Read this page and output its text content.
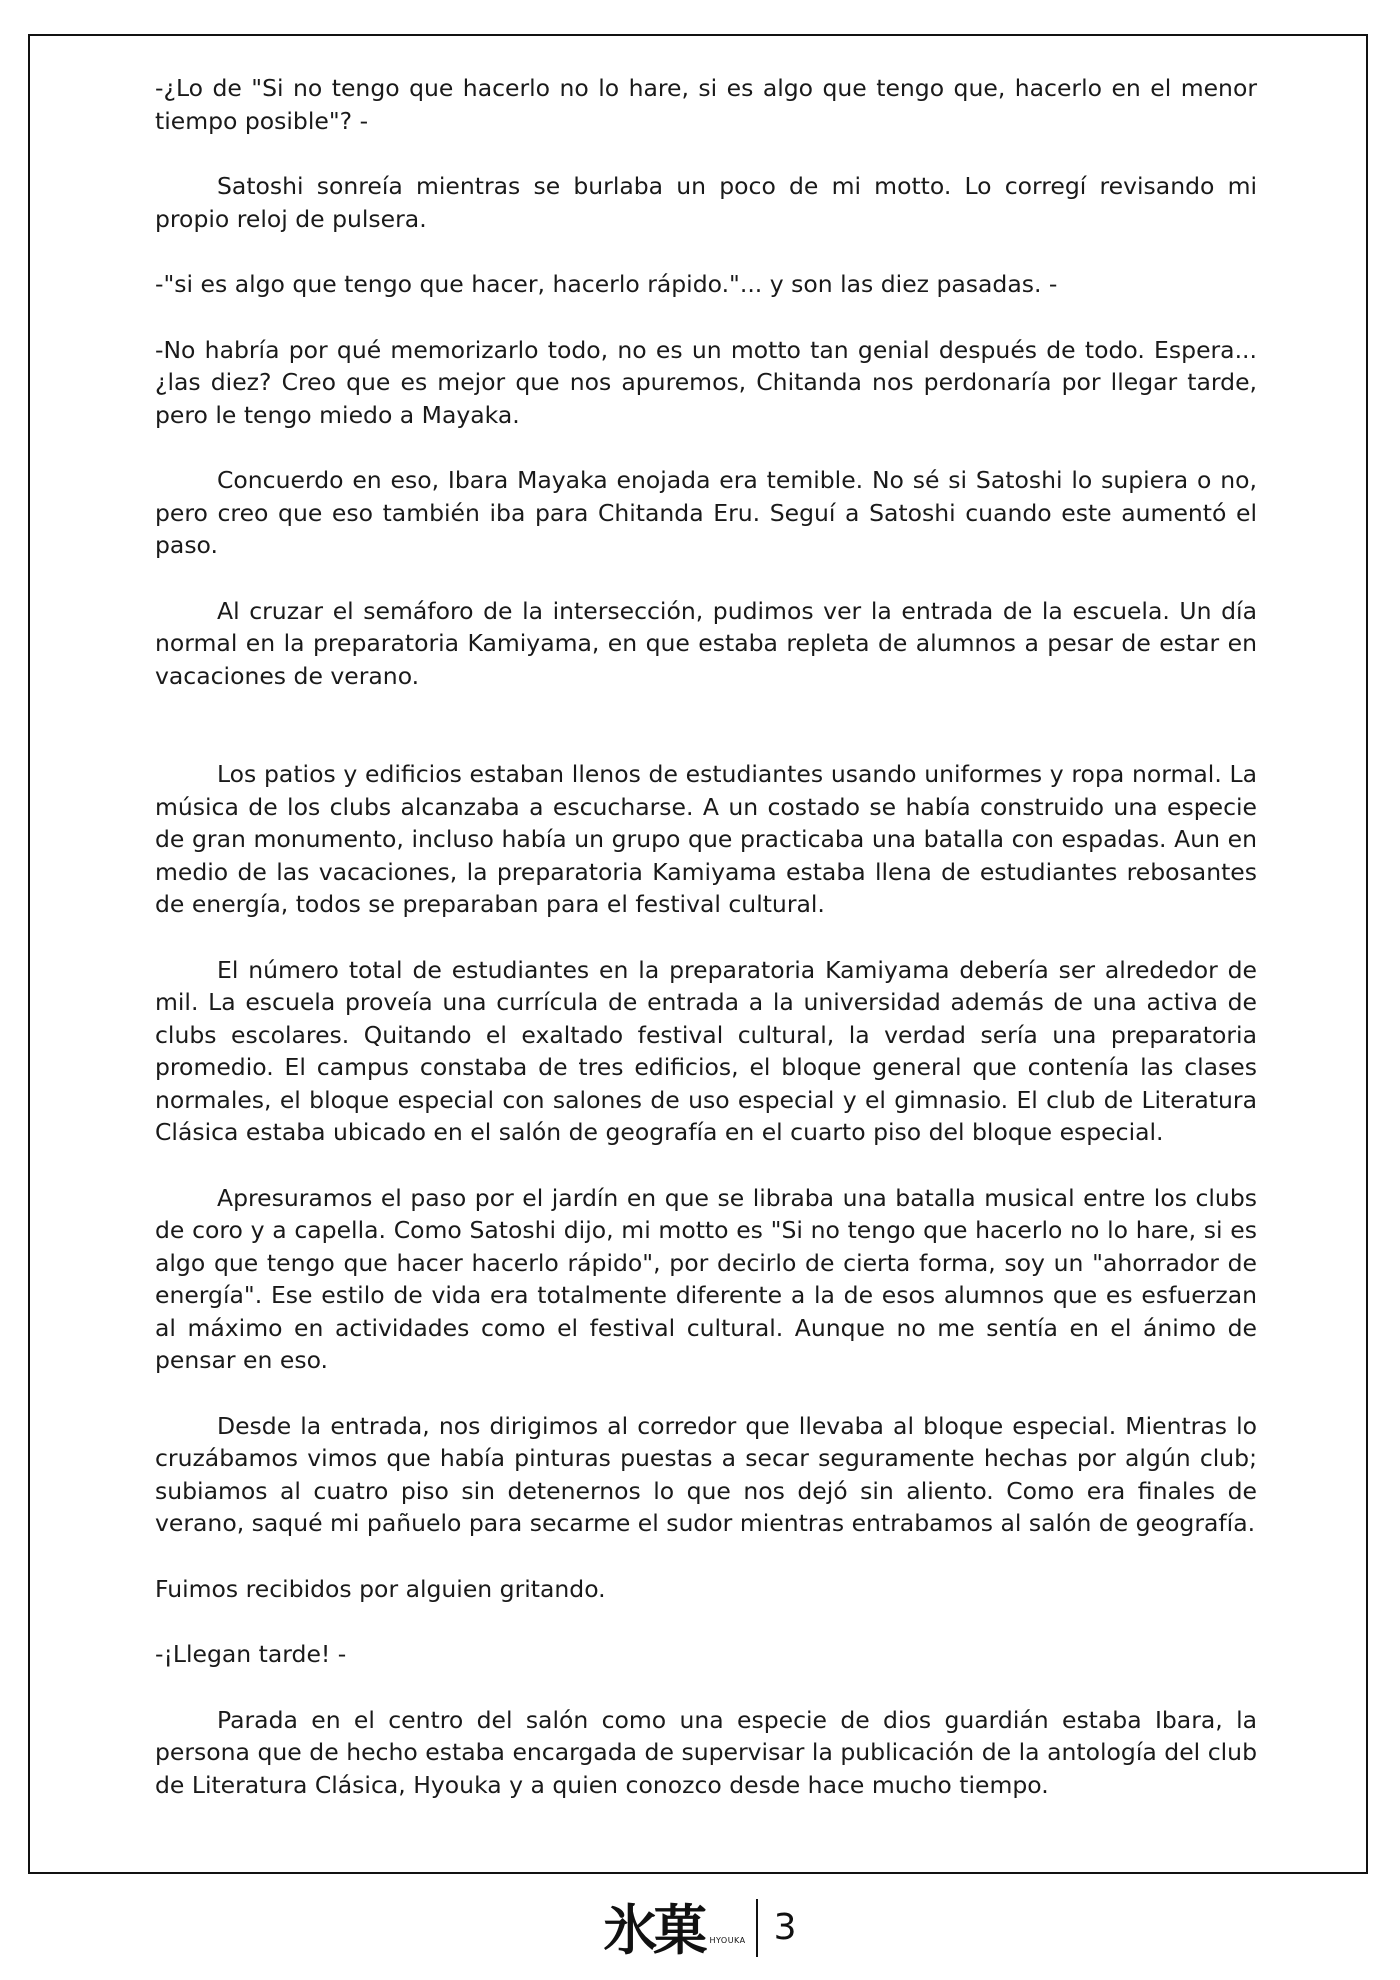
-¿Lo de "Si no tengo que hacerlo no lo hare, si es algo que tengo que, hacerlo en el menor tiempo posible"? -

Satoshi sonreía mientras se burlaba un poco de mi motto. Lo corregí revisando mi propio reloj de pulsera.

-"si es algo que tengo que hacer, hacerlo rápido."... y son las diez pasadas. -

-No habría por qué memorizarlo todo, no es un motto tan genial después de todo. Espera... ¿las diez? Creo que es mejor que nos apuremos, Chitanda nos perdonaría por llegar tarde, pero le tengo miedo a Mayaka.

Concuerdo en eso, Ibara Mayaka enojada era temible. No sé si Satoshi lo supiera o no, pero creo que eso también iba para Chitanda Eru. Seguí a Satoshi cuando este aumentó el paso.

Al cruzar el semáforo de la intersección, pudimos ver la entrada de la escuela. Un día normal en la preparatoria Kamiyama, en que estaba repleta de alumnos a pesar de estar en vacaciones de verano.

Los patios y edificios estaban llenos de estudiantes usando uniformes y ropa normal. La música de los clubs alcanzaba a escucharse. A un costado se había construido una especie de gran monumento, incluso había un grupo que practicaba una batalla con espadas. Aun en medio de las vacaciones, la preparatoria Kamiyama estaba llena de estudiantes rebosantes de energía, todos se preparaban para el festival cultural.

El número total de estudiantes en la preparatoria Kamiyama debería ser alrededor de mil. La escuela proveía una currícula de entrada a la universidad además de una activa de clubs escolares. Quitando el exaltado festival cultural, la verdad sería una preparatoria promedio. El campus constaba de tres edificios, el bloque general que contenía las clases normales, el bloque especial con salones de uso especial y el gimnasio. El club de Literatura Clásica estaba ubicado en el salón de geografía en el cuarto piso del bloque especial.

Apresuramos el paso por el jardín en que se libraba una batalla musical entre los clubs de coro y a capella. Como Satoshi dijo, mi motto es "Si no tengo que hacerlo no lo hare, si es algo que tengo que hacer hacerlo rápido", por decirlo de cierta forma, soy un "ahorrador de energía". Ese estilo de vida era totalmente diferente a la de esos alumnos que es esfuerzan al máximo en actividades como el festival cultural. Aunque no me sentía en el ánimo de pensar en eso.

Desde la entrada, nos dirigimos al corredor que llevaba al bloque especial. Mientras lo cruzábamos vimos que había pinturas puestas a secar seguramente hechas por algún club; subiamos al cuatro piso sin detenernos lo que nos dejó sin aliento. Como era finales de verano, saqué mi pañuelo para secarme el sudor mientras entrabamos al salón de geografía.

Fuimos recibidos por alguien gritando.

-¡Llegan tarde! -

Parada en el centro del salón como una especie de dios guardián estaba Ibara, la persona que de hecho estaba encargada de supervisar la publicación de la antología del club de Literatura Clásica, Hyouka y a quien conozco desde hace mucho tiempo.

氷菓 HYOUKA 3
